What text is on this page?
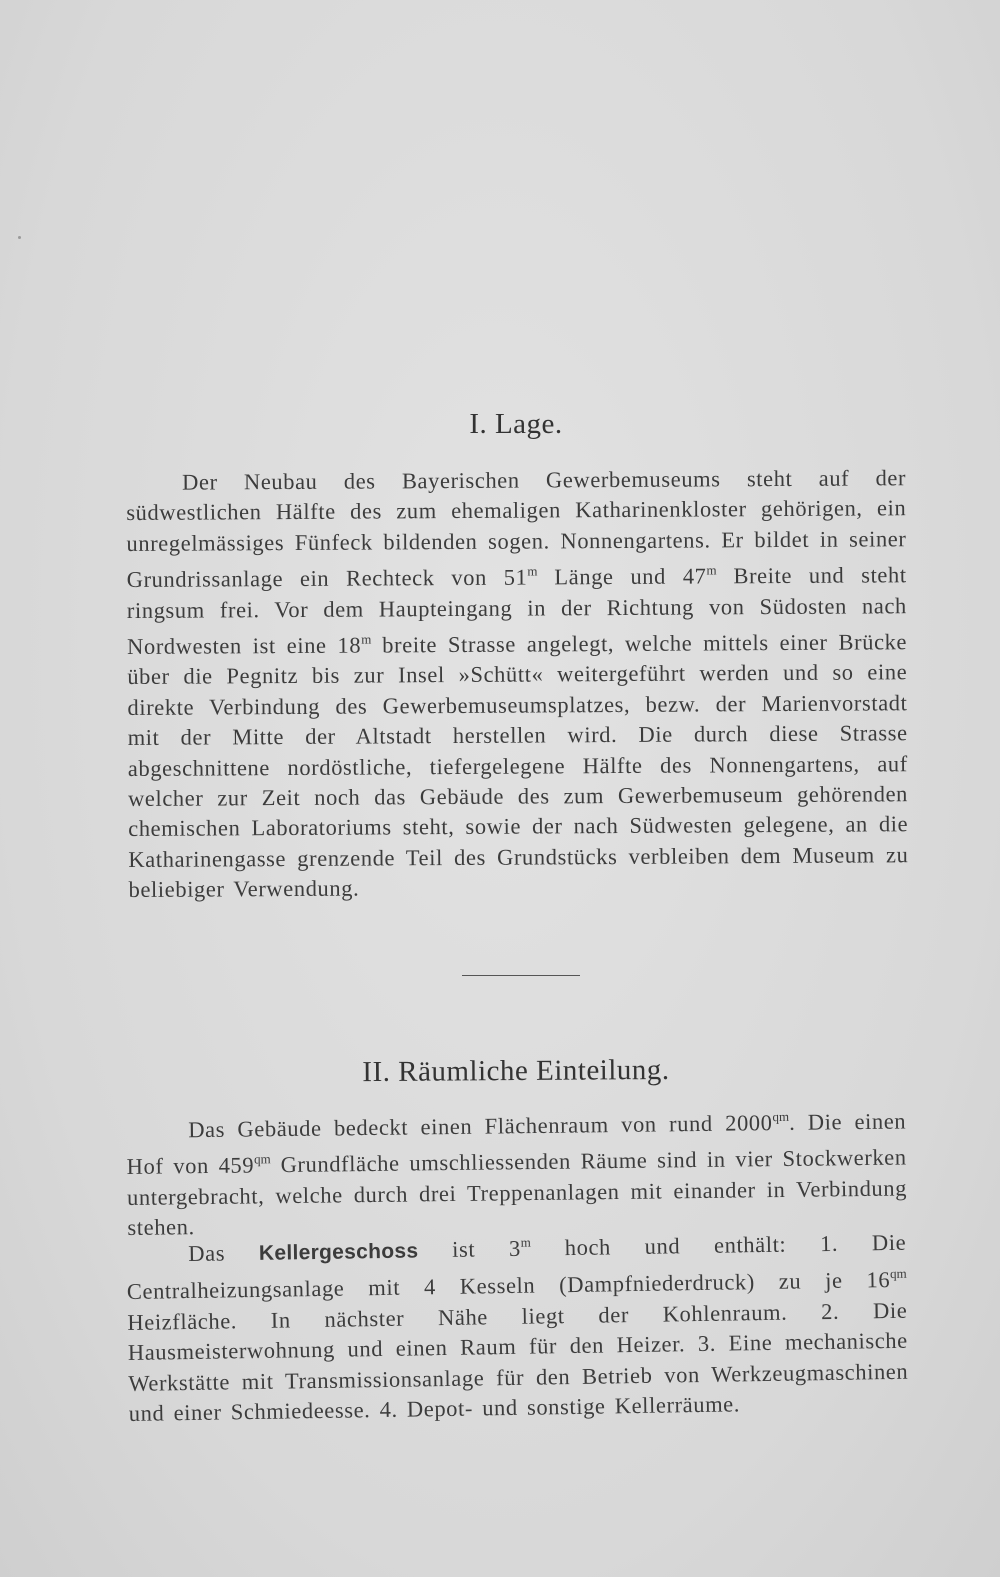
I. Lage.
Der Neubau des Bayerischen Gewerbemuseums steht auf der südwestlichen Hälfte des zum ehemaligen Katharinenkloster gehörigen, ein unregelmässiges Fünfeck bildenden sogen. Nonnengartens. Er bildet in seiner Grundrissanlage ein Rechteck von 51$^m$ Länge und 47$^m$ Breite und steht ringsum frei. Vor dem Haupteingang in der Richtung von Südosten nach Nordwesten ist eine 18$^m$ breite Strasse angelegt, welche mittels einer Brücke über die Pegnitz bis zur Insel »Schütt« weitergeführt werden und so eine direkte Verbindung des Gewerbemuseumsplatzes, bezw. der Marienvorstadt mit der Mitte der Altstadt herstellen wird. Die durch diese Strasse abgeschnittene nordöstliche, tiefergelegene Hälfte des Nonnengartens, auf welcher zur Zeit noch das Gebäude des zum Gewerbemuseum gehörenden chemischen Laboratoriums steht, sowie der nach Südwesten gelegene, an die Katharinengasse grenzende Teil des Grundstücks verbleiben dem Museum zu beliebiger Verwendung.
II. Räumliche Einteilung.
Das Gebäude bedeckt einen Flächenraum von rund $2000^{qm}$. Die einen Hof von $459^{qm}$ Grundfläche umschliessenden Räume sind in vier Stockwerken untergebracht, welche durch drei Treppenanlagen mit einander in Verbindung stehen.
Das Kellergeschoss ist 3$^m$ hoch und enthält: 1. Die Centralheizungsanlage mit 4 Kesseln (Dampfniederdruck) zu je $16^{qm}$ Heizfläche. In nächster Nähe liegt der Kohlenraum. 2. Die Hausmeisterwohnung und einen Raum für den Heizer. 3. Eine mechanische Werkstätte mit Transmissionsanlage für den Betrieb von Werkzeugmaschinen und einer Schmiedeesse. 4. Depot- und sonstige Kellerräume.
